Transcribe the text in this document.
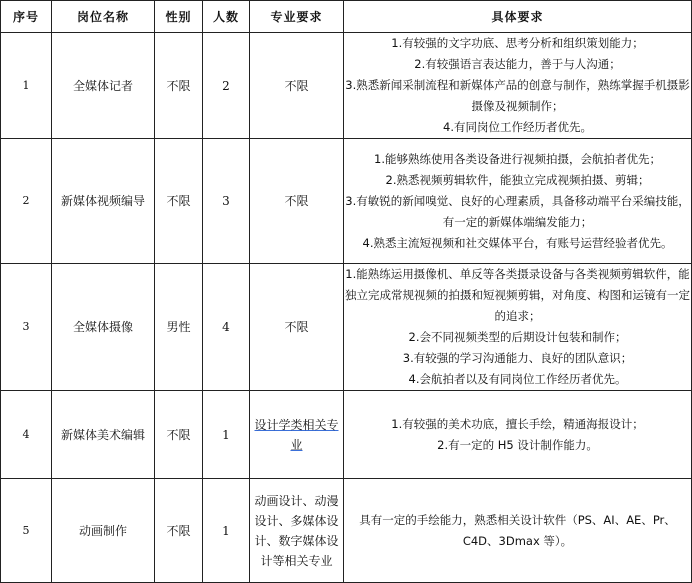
序号	岗位名称	性别	人数	专业要求	具体要求
1	全媒体记者	不限	2	不限	1.有较强的文字功底、思考分析和组织策划能力；
2.有较强语言表达能力，善于与人沟通；
3.熟悉新闻采制流程和新媒体产品的创意与制作，熟练掌握手机摄影摄像及视频制作；
4.有同岗位工作经历者优先。

2	新媒体视频编导	不限	3	不限	1.能够熟练使用各类设备进行视频拍摄，会航拍者优先；
2.熟悉视频剪辑软件，能独立完成视频拍摄、剪辑；
3.有敏锐的新闻嗅觉、良好的心理素质，具备移动端平台采编技能，有一定的新媒体端编发能力；
4.熟悉主流短视频和社交媒体平台，有账号运营经验者优先。

3	全媒体摄像	男性	4	不限	1.能熟练运用摄像机、单反等各类摄录设备与各类视频剪辑软件，能独立完成常规视频的拍摄和短视频剪辑，对角度、构图和运镜有一定的追求；
2.会不同视频类型的后期设计包装和制作；
3.有较强的学习沟通能力、良好的团队意识；
4.会航拍者以及有同岗位工作经历者优先。

4	新媒体美术编辑	不限	1	设计学类相关专业	1.有较强的美术功底，擅长手绘，精通海报设计；
2.有一定的 H5 设计制作能力。

5	动画制作	不限	1	动画设计、动漫设计、多媒体设计、数字媒体设计等相关专业	具有一定的手绘能力，熟悉相关设计软件（PS、AI、AE、Pr、C4D、3Dmax 等）。
